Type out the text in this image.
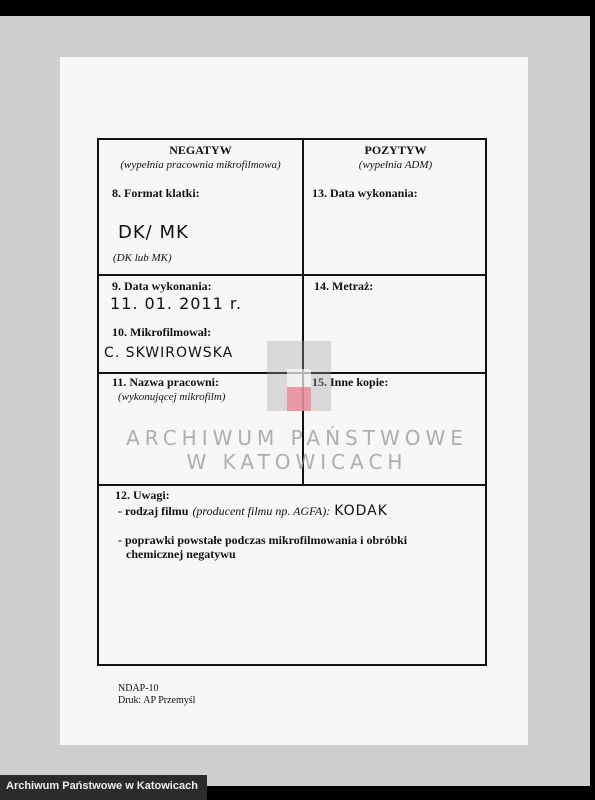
NEGATYW
(wypełnia pracownia mikrofilmowa)
8. Format klatki:
DK/ MK
(DK lub MK)
9. Data wykonania:
11. 01. 2011 r.
10. Mikrofilmował:
C. SKWIROWSKA
11. Nazwa pracowni:
(wykonującej mikrofilm)
POZYTYW
(wypełnia ADM)
13. Data wykonania:
14. Metraż:
15. Inne kopie:
12. Uwagi:
- rodzaj filmu (producent filmu np. AGFA): KODAK
- poprawki powstałe podczas mikrofilmowania i obróbki
chemicznej negatywu
NDAP-10
Druk: AP Przemyśl
ARCHIWUM PAŃSTWOWE
W KATOWICACH
Archiwum Państwowe w Katowicach
